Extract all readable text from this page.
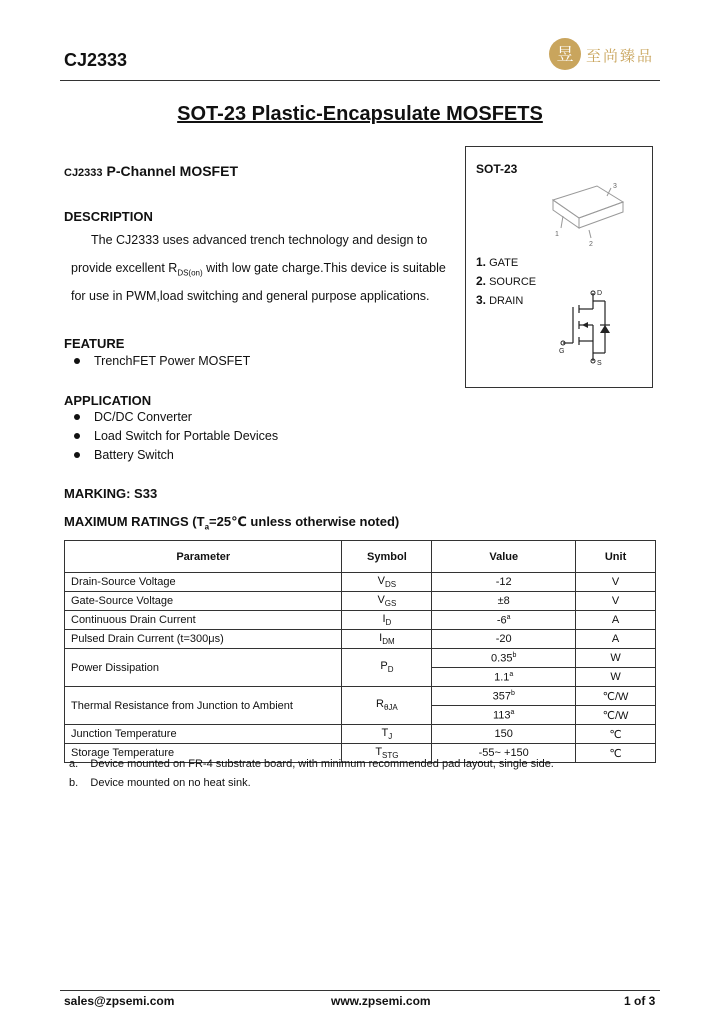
CJ2333	昱 至尚臻品
SOT-23 Plastic-Encapsulate MOSFETS
CJ2333 P-Channel MOSFET
DESCRIPTION
The CJ2333 uses advanced trench technology and design to
provide excellent $R_{DS(on)}$ with low gate charge.This device is suitable
for use in PWM,load switching and general purpose applications.
FEATURE
TrenchFET Power MOSFET
APPLICATION
DC/DC Converter
Load Switch for Portable Devices
Battery Switch
MARKING: S33
SOT-23
3
1
2
1. GATE
2. SOURCE
3. DRAIN
D
G
S
MAXIMUM RATINGS ($T_a=25℃$ unless otherwise noted)
Parameter	Symbol	Value	Unit
Drain-Source Voltage	$V_{DS}$	-12	V
Gate-Source Voltage	$V_{GS}$	±8	V
Continuous Drain Current	$I_D$	-6$^a$	A
Pulsed Drain Current (t=300μs)	$I_{DM}$	-20	A
Power Dissipation	$P_D$	0.35$^b$	W
		1.1$^a$	W
Thermal Resistance from Junction to Ambient	$R_{\theta JA}$	357$^b$	℃/W
		113$^a$	℃/W
Junction Temperature	$T_J$	150	℃
Storage Temperature	$T_{STG}$	-55~ +150	℃
a. Device mounted on FR-4 substrate board, with minimum recommended pad layout, single side.
b. Device mounted on no heat sink.
sales@zpsemi.com	www.zpsemi.com	1 of 3
